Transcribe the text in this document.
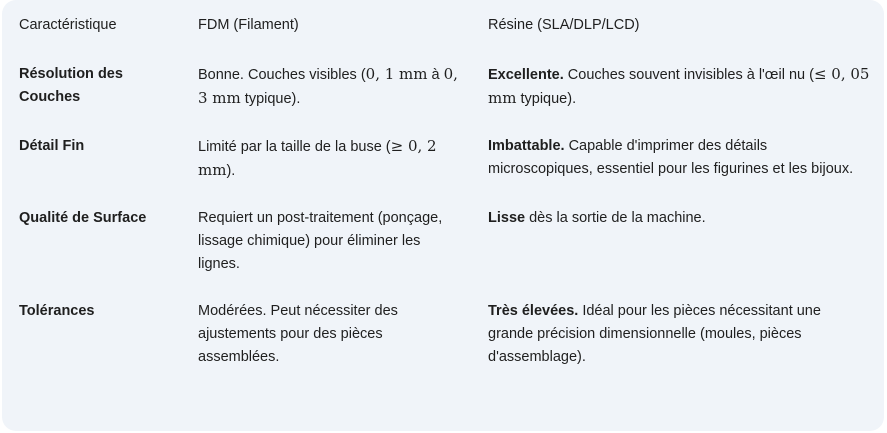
Caractéristique	FDM (Filament)	Résine (SLA/DLP/LCD)
Résolution des Couches	Bonne. Couches visibles (0, 1 mm à 0, 3 mm typique).	Excellente. Couches souvent invisibles à l'œil nu (≤ 0, 05 mm typique).
Détail Fin	Limité par la taille de la buse (≥ 0, 2 mm).	Imbattable. Capable d'imprimer des détails microscopiques, essentiel pour les figurines et les bijoux.
Qualité de Surface	Requiert un post-traitement (ponçage, lissage chimique) pour éliminer les lignes.	Lisse dès la sortie de la machine.
Tolérances	Modérées. Peut nécessiter des ajustements pour des pièces assemblées.	Très élevées. Idéal pour les pièces nécessitant une grande précision dimensionnelle (moules, pièces d'assemblage).
